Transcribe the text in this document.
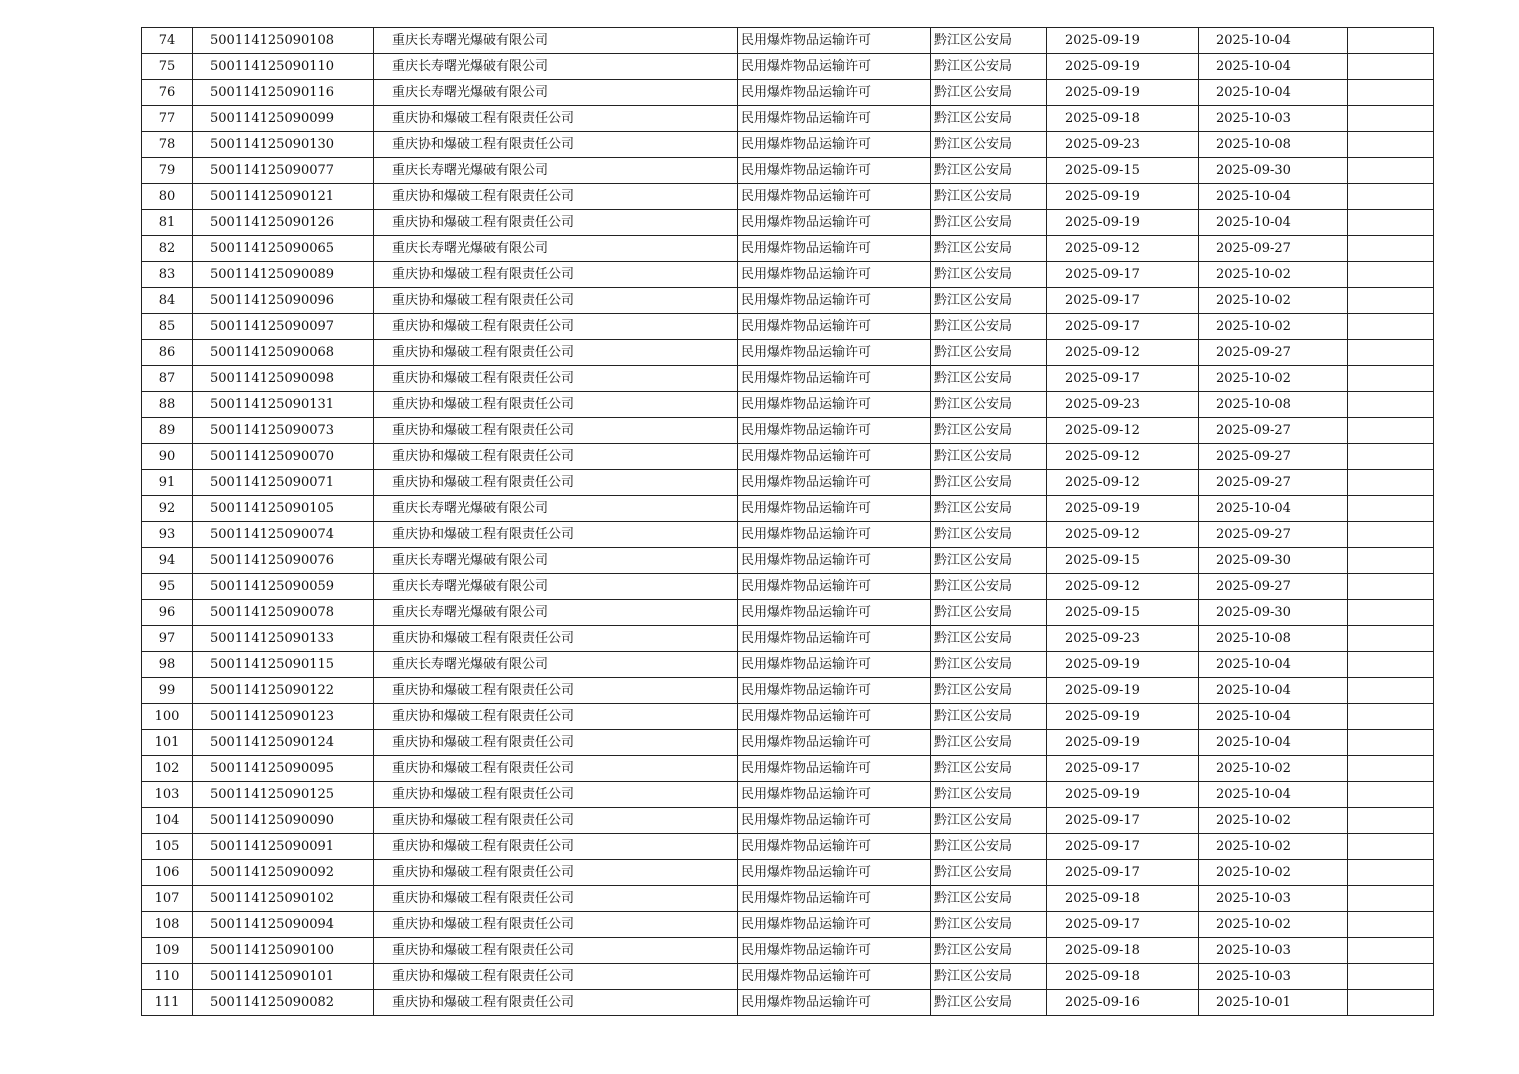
74	500114125090108	重庆长寿曙光爆破有限公司	民用爆炸物品运输许可	黔江区公安局	2025-09-19	2025-10-04	
75	500114125090110	重庆长寿曙光爆破有限公司	民用爆炸物品运输许可	黔江区公安局	2025-09-19	2025-10-04	
76	500114125090116	重庆长寿曙光爆破有限公司	民用爆炸物品运输许可	黔江区公安局	2025-09-19	2025-10-04	
77	500114125090099	重庆协和爆破工程有限责任公司	民用爆炸物品运输许可	黔江区公安局	2025-09-18	2025-10-03	
78	500114125090130	重庆协和爆破工程有限责任公司	民用爆炸物品运输许可	黔江区公安局	2025-09-23	2025-10-08	
79	500114125090077	重庆长寿曙光爆破有限公司	民用爆炸物品运输许可	黔江区公安局	2025-09-15	2025-09-30	
80	500114125090121	重庆协和爆破工程有限责任公司	民用爆炸物品运输许可	黔江区公安局	2025-09-19	2025-10-04	
81	500114125090126	重庆协和爆破工程有限责任公司	民用爆炸物品运输许可	黔江区公安局	2025-09-19	2025-10-04	
82	500114125090065	重庆长寿曙光爆破有限公司	民用爆炸物品运输许可	黔江区公安局	2025-09-12	2025-09-27	
83	500114125090089	重庆协和爆破工程有限责任公司	民用爆炸物品运输许可	黔江区公安局	2025-09-17	2025-10-02	
84	500114125090096	重庆协和爆破工程有限责任公司	民用爆炸物品运输许可	黔江区公安局	2025-09-17	2025-10-02	
85	500114125090097	重庆协和爆破工程有限责任公司	民用爆炸物品运输许可	黔江区公安局	2025-09-17	2025-10-02	
86	500114125090068	重庆协和爆破工程有限责任公司	民用爆炸物品运输许可	黔江区公安局	2025-09-12	2025-09-27	
87	500114125090098	重庆协和爆破工程有限责任公司	民用爆炸物品运输许可	黔江区公安局	2025-09-17	2025-10-02	
88	500114125090131	重庆协和爆破工程有限责任公司	民用爆炸物品运输许可	黔江区公安局	2025-09-23	2025-10-08	
89	500114125090073	重庆协和爆破工程有限责任公司	民用爆炸物品运输许可	黔江区公安局	2025-09-12	2025-09-27	
90	500114125090070	重庆协和爆破工程有限责任公司	民用爆炸物品运输许可	黔江区公安局	2025-09-12	2025-09-27	
91	500114125090071	重庆协和爆破工程有限责任公司	民用爆炸物品运输许可	黔江区公安局	2025-09-12	2025-09-27	
92	500114125090105	重庆长寿曙光爆破有限公司	民用爆炸物品运输许可	黔江区公安局	2025-09-19	2025-10-04	
93	500114125090074	重庆协和爆破工程有限责任公司	民用爆炸物品运输许可	黔江区公安局	2025-09-12	2025-09-27	
94	500114125090076	重庆长寿曙光爆破有限公司	民用爆炸物品运输许可	黔江区公安局	2025-09-15	2025-09-30	
95	500114125090059	重庆长寿曙光爆破有限公司	民用爆炸物品运输许可	黔江区公安局	2025-09-12	2025-09-27	
96	500114125090078	重庆长寿曙光爆破有限公司	民用爆炸物品运输许可	黔江区公安局	2025-09-15	2025-09-30	
97	500114125090133	重庆协和爆破工程有限责任公司	民用爆炸物品运输许可	黔江区公安局	2025-09-23	2025-10-08	
98	500114125090115	重庆长寿曙光爆破有限公司	民用爆炸物品运输许可	黔江区公安局	2025-09-19	2025-10-04	
99	500114125090122	重庆协和爆破工程有限责任公司	民用爆炸物品运输许可	黔江区公安局	2025-09-19	2025-10-04	
100	500114125090123	重庆协和爆破工程有限责任公司	民用爆炸物品运输许可	黔江区公安局	2025-09-19	2025-10-04	
101	500114125090124	重庆协和爆破工程有限责任公司	民用爆炸物品运输许可	黔江区公安局	2025-09-19	2025-10-04	
102	500114125090095	重庆协和爆破工程有限责任公司	民用爆炸物品运输许可	黔江区公安局	2025-09-17	2025-10-02	
103	500114125090125	重庆协和爆破工程有限责任公司	民用爆炸物品运输许可	黔江区公安局	2025-09-19	2025-10-04	
104	500114125090090	重庆协和爆破工程有限责任公司	民用爆炸物品运输许可	黔江区公安局	2025-09-17	2025-10-02	
105	500114125090091	重庆协和爆破工程有限责任公司	民用爆炸物品运输许可	黔江区公安局	2025-09-17	2025-10-02	
106	500114125090092	重庆协和爆破工程有限责任公司	民用爆炸物品运输许可	黔江区公安局	2025-09-17	2025-10-02	
107	500114125090102	重庆协和爆破工程有限责任公司	民用爆炸物品运输许可	黔江区公安局	2025-09-18	2025-10-03	
108	500114125090094	重庆协和爆破工程有限责任公司	民用爆炸物品运输许可	黔江区公安局	2025-09-17	2025-10-02	
109	500114125090100	重庆协和爆破工程有限责任公司	民用爆炸物品运输许可	黔江区公安局	2025-09-18	2025-10-03	
110	500114125090101	重庆协和爆破工程有限责任公司	民用爆炸物品运输许可	黔江区公安局	2025-09-18	2025-10-03	
111	500114125090082	重庆协和爆破工程有限责任公司	民用爆炸物品运输许可	黔江区公安局	2025-09-16	2025-10-01	
